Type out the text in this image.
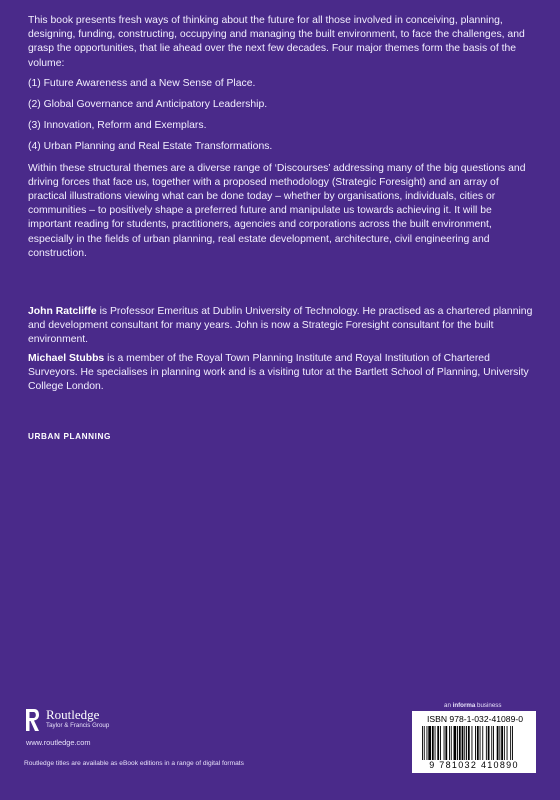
This book presents fresh ways of thinking about the future for all those involved in conceiving, planning, designing, funding, constructing, occupying and managing the built environment, to face the challenges, and grasp the opportunities, that lie ahead over the next few decades. Four major themes form the basis of the volume:

(1) Future Awareness and a New Sense of Place.
(2) Global Governance and Anticipatory Leadership.
(3) Innovation, Reform and Exemplars.
(4) Urban Planning and Real Estate Transformations.

Within these structural themes are a diverse range of ‘Discourses’ addressing many of the big questions and driving forces that face us, together with a proposed methodology (Strategic Foresight) and an array of practical illustrations viewing what can be done today – whether by organisations, individuals, cities or communities – to positively shape a preferred future and manipulate us towards achieving it. It will be important reading for students, practitioners, agencies and corporations across the built environment, especially in the fields of urban planning, real estate development, architecture, civil engineering and construction.

John Ratcliffe is Professor Emeritus at Dublin University of Technology. He practised as a chartered planning and development consultant for many years. John is now a Strategic Foresight consultant for the built environment.

Michael Stubbs is a member of the Royal Town Planning Institute and Royal Institution of Chartered Surveyors. He specialises in planning work and is a visiting tutor at the Bartlett School of Planning, University College London.

URBAN PLANNING
Routledge
Taylor & Francis Group
www.routledge.com
Routledge titles are available as eBook editions in a range of digital formats
an informa business
ISBN 978-1-032-41089-0
9 781032 410890
